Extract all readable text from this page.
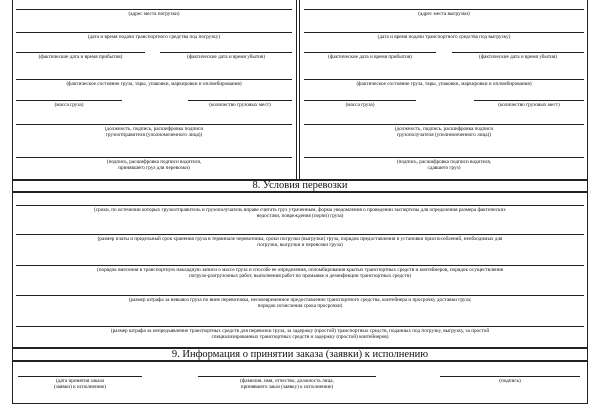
(адрес места погрузки)
(дата и время подачи транспортного средства под погрузку)
(фактические дата и время прибытия)	(фактические дата и время убытия)
(фактическое состояние груза, тары, упаковки, маркировки и опломбирования)
(масса груза)	(количество грузовых мест)
(должность, подпись, расшифровка подписи
грузоотправителя (уполномоченного лица))
(подпись, расшифровка подписи водителя,
принявшего груз для перевозки)
(адрес места выгрузки)
(дата и время подачи транспортного средства под выгрузку)
(фактические дата и время прибытия)	(фактические дата и время убытия)
(фактическое состояние груза, тары, упаковки, маркировки и опломбирования)
(масса груза)	(количество грузовых мест)
(должность, подпись, расшифровка подписи
грузополучателя (уполномоченного лица))
(подпись, расшифровка подписи водителя,
сдавшего груз)
8. Условия перевозки
(сроки, по истечении которых грузоотправитель и грузополучатель вправе считать груз утраченным, форма уведомления о проведении экспертизы для определения размера фактических
недостачи, повреждения (порчи) груза)
(размер платы и предельный срок хранения груза в терминале перевозчика, сроки погрузки (выгрузки) груза, порядок предоставления и установки приспособлений, необходимых для
погрузки, выгрузки и перевозки груза)
(порядок внесения в транспортную накладную записи о массе груза и способе ее определения, опломбирования крытых транспортных средств и контейнеров, порядок осуществления
погрузо-разгрузочных работ, выполнения работ по промывке и дезинфекции транспортных средств)
(размер штрафа за невывоз груза по вине перевозчика, несвоевременное предоставление транспортного средства, контейнера и просрочку доставки груза;
порядок исчисления срока просрочки)
(размер штрафа за непредъявление транспортных средств для перевозки груза, за задержку (простой) транспортных средств, поданных под погрузку, выгрузку, за простой
специализированных транспортных средств и задержку (простой) контейнеров)
9. Информация о принятии заказа (заявки) к исполнению
(дата принятия заказа
(заявки) к исполнению)
(фамилия, имя, отчество, должность лица,
принявшего заказ (заявку) к исполнению)
(подпись)
